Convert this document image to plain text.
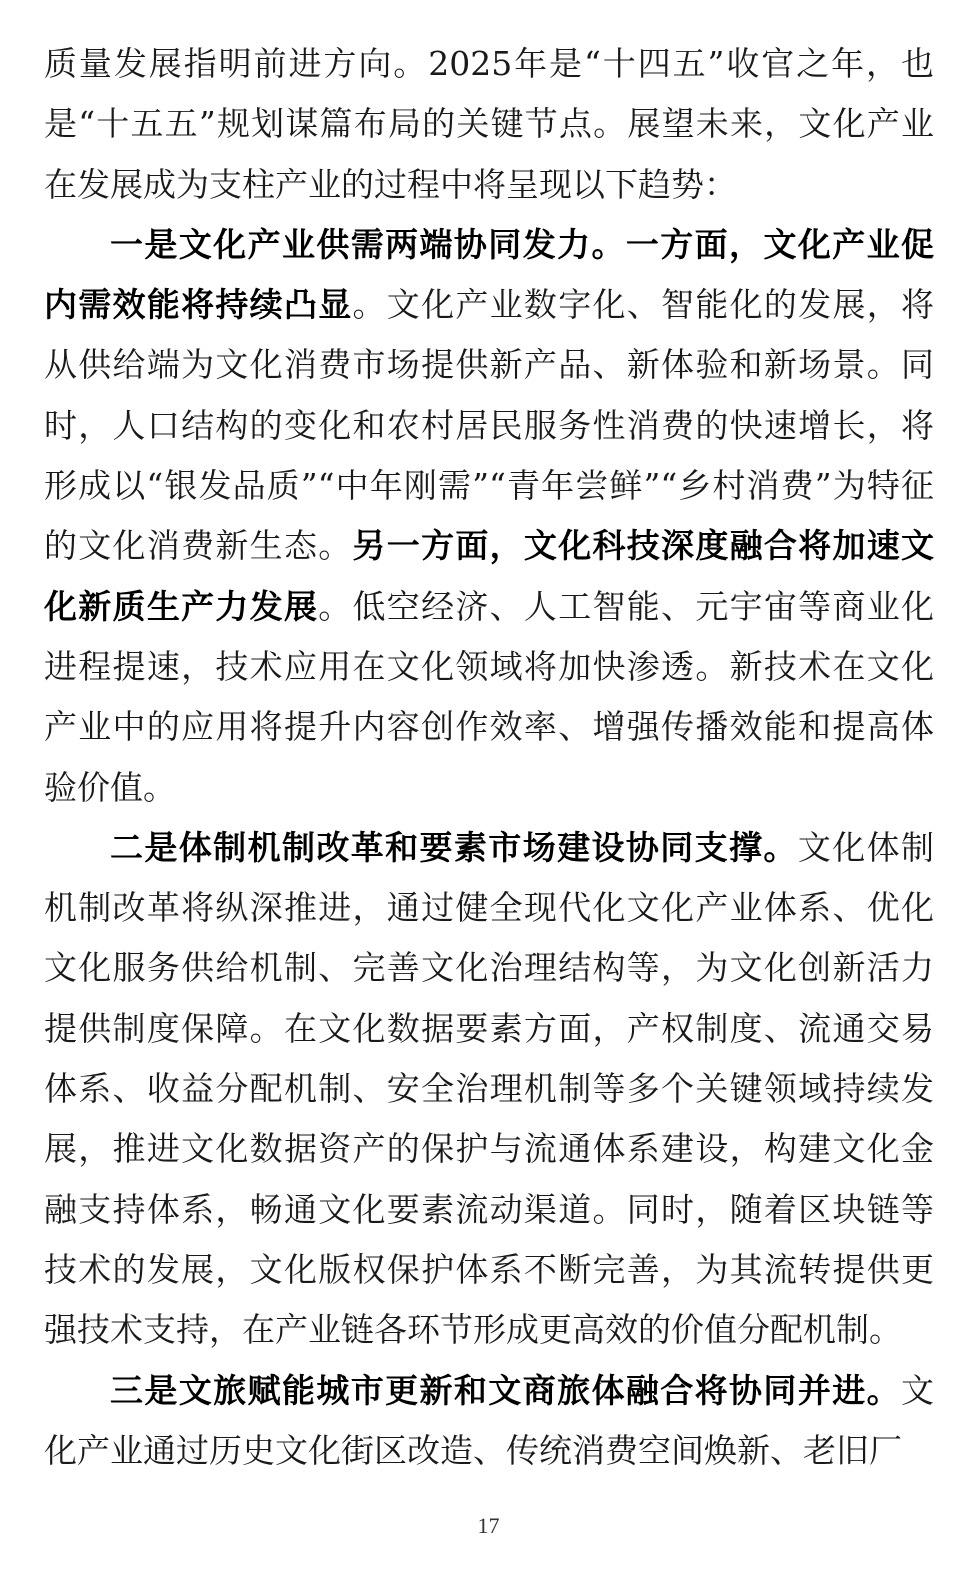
质量发展指明前进方向。2025年是“十四五”收官之年，也是“十五五”规划谋篇布局的关键节点。展望未来，文化产业在发展成为支柱产业的过程中将呈现以下趋势：

一是文化产业供需两端协同发力。一方面，文化产业促内需效能将持续凸显。文化产业数字化、智能化的发展，将从供给端为文化消费市场提供新产品、新体验和新场景。同时，人口结构的变化和农村居民服务性消费的快速增长，将形成以“银发品质”“中年刚需”“青年尝鲜”“乡村消费”为特征的文化消费新生态。另一方面，文化科技深度融合将加速文化新质生产力发展。低空经济、人工智能、元宇宙等商业化进程提速，技术应用在文化领域将加快渗透。新技术在文化产业中的应用将提升内容创作效率、增强传播效能和提高体验价值。

二是体制机制改革和要素市场建设协同支撑。文化体制机制改革将纵深推进，通过健全现代化文化产业体系、优化文化服务供给机制、完善文化治理结构等，为文化创新活力提供制度保障。在文化数据要素方面，产权制度、流通交易体系、收益分配机制、安全治理机制等多个关键领域持续发展，推进文化数据资产的保护与流通体系建设，构建文化金融支持体系，畅通文化要素流动渠道。同时，随着区块链等技术的发展，文化版权保护体系不断完善，为其流转提供更强技术支持，在产业链各环节形成更高效的价值分配机制。

三是文旅赋能城市更新和文商旅体融合将协同并进。文化产业通过历史文化街区改造、传统消费空间焕新、老旧厂

17
